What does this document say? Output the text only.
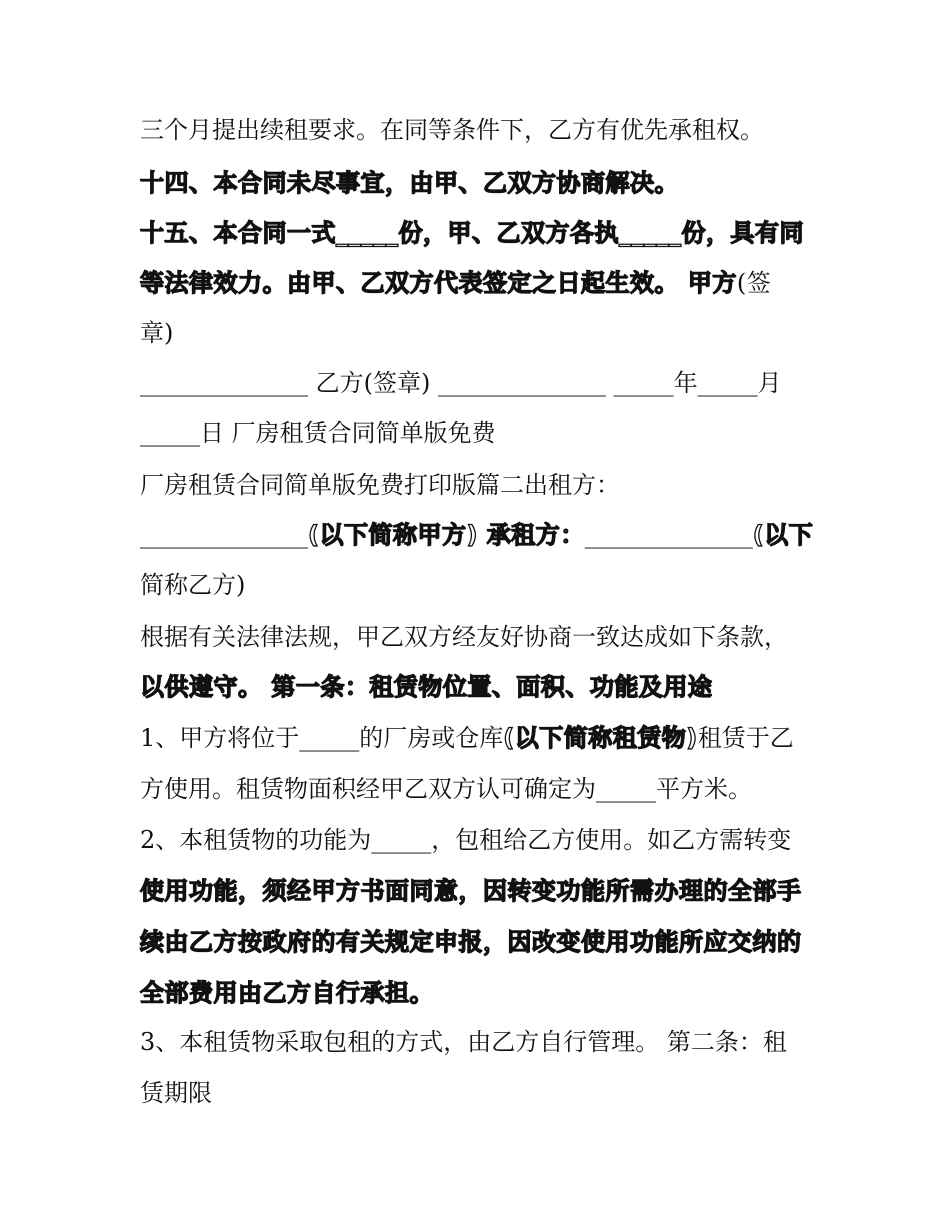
三个月提出续租要求。在同等条件下，乙方有优先承租权。
十四、本合同未尽事宜，由甲、乙双方协商解决。
十五、本合同一式_____份，甲、乙双方各执_____份，具有同
等法律效力。由甲、乙双方代表签定之日起生效。 甲方(签
章)
______________ 乙方(签章) ______________ _____年_____月
_____日 厂房租赁合同简单版免费
厂房租赁合同简单版免费打印版篇二出租方：
______________(以下简称甲方) 承租方：______________(以下
简称乙方)
根据有关法律法规，甲乙双方经友好协商一致达成如下条款，
以供遵守。 第一条：租赁物位置、面积、功能及用途
1、甲方将位于_____的厂房或仓库(以下简称租赁物)租赁于乙
方使用。租赁物面积经甲乙双方认可确定为_____平方米。
2、本租赁物的功能为_____，包租给乙方使用。如乙方需转变
使用功能，须经甲方书面同意，因转变功能所需办理的全部手
续由乙方按政府的有关规定申报，因改变使用功能所应交纳的
全部费用由乙方自行承担。
3、本租赁物采取包租的方式，由乙方自行管理。 第二条：租
赁期限
